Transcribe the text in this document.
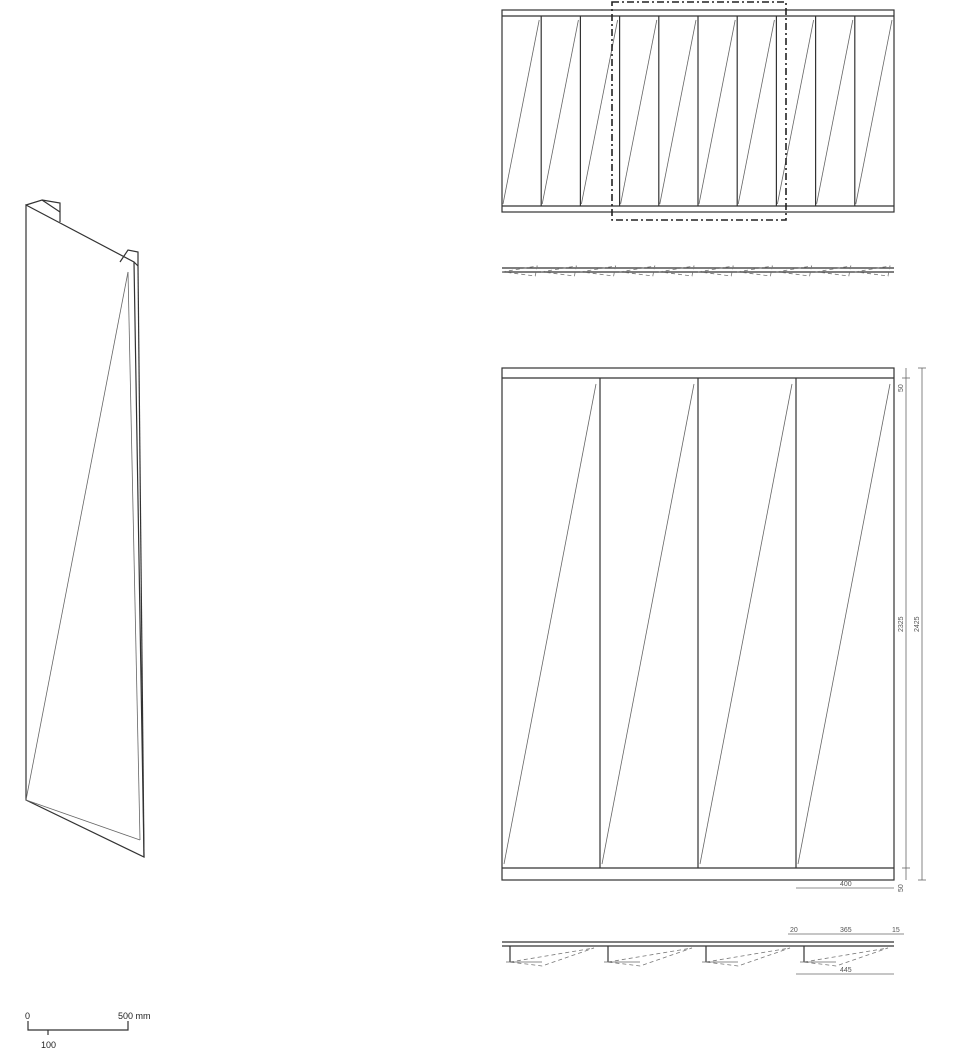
50
2325 2425
50
400
20	365	15
445
0	500 mm
100
